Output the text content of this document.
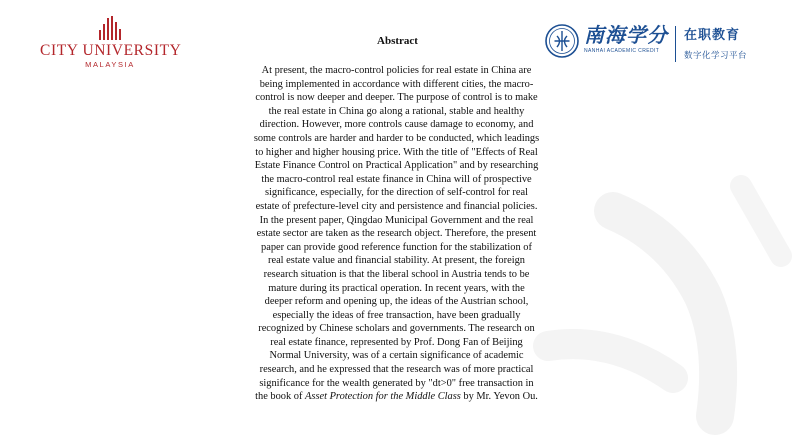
CITY UNIVERSITY
MALAYSIA
南海学分
NANHAI ACADEMIC CREDIT
在职教育
数字化学习平台
Abstract
At present, the macro-control policies for real estate in China are
being implemented in accordance with different cities, the macro-
control is now deeper and deeper. The purpose of control is to make
the real estate in China go along a rational, stable and healthy
direction. However, more controls cause damage to economy, and
some controls are harder and harder to be conducted, which leadings
to higher and higher housing price. With the title of "Effects of Real
Estate Finance Control on Practical Application" and by researching
the macro-control real estate finance in China will of prospective
significance, especially, for the direction of self-control for real
estate of prefecture-level city and persistence and financial policies.
In the present paper, Qingdao Municipal Government and the real
estate sector are taken as the research object. Therefore, the present
paper can provide good reference function for the stabilization of
real estate value and financial stability. At present, the foreign
research situation is that the liberal school in Austria tends to be
mature during its practical operation. In recent years, with the
deeper reform and opening up, the ideas of the Austrian school,
especially the ideas of free transaction, have been gradually
recognized by Chinese scholars and governments. The research on
real estate finance, represented by Prof. Dong Fan of Beijing
Normal University, was of a certain significance of academic
research, and he expressed that the research was of more practical
significance for the wealth generated by "dt>0" free transaction in
the book of Asset Protection for the Middle Class by Mr. Yevon Ou.
